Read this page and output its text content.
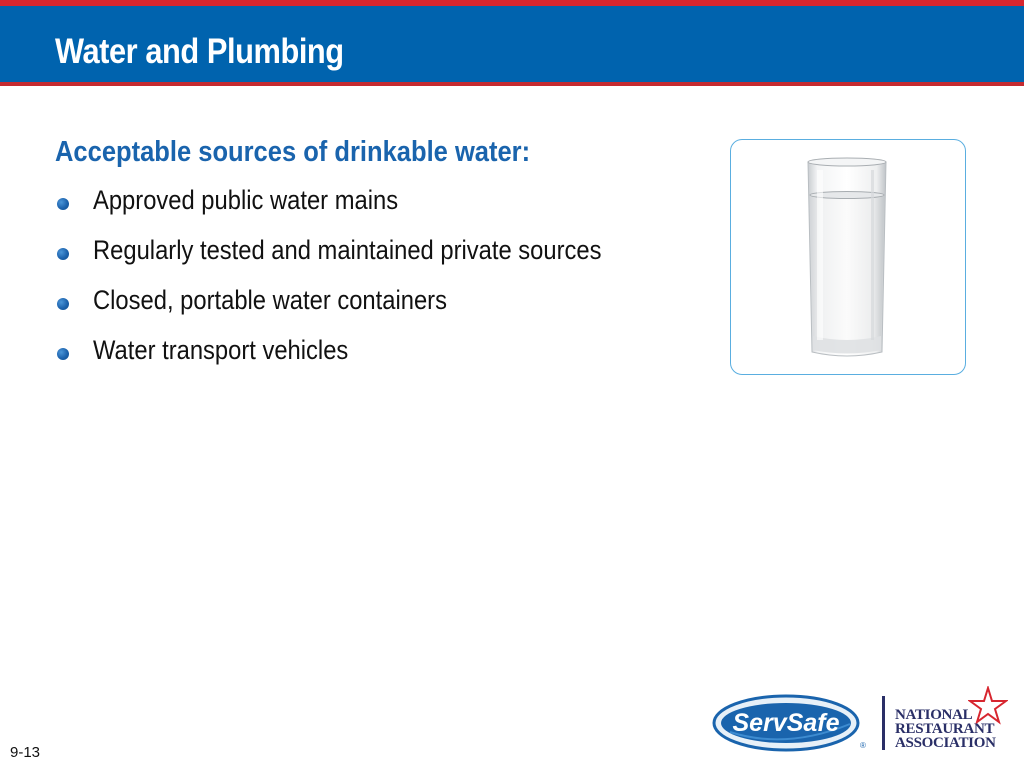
Water and Plumbing
Acceptable sources of drinkable water:
Approved public water mains
Regularly tested and maintained private sources
Closed, portable water containers
Water transport vehicles
9-13
ServSafe
®
NATIONAL
RESTAURANT
ASSOCIATION
